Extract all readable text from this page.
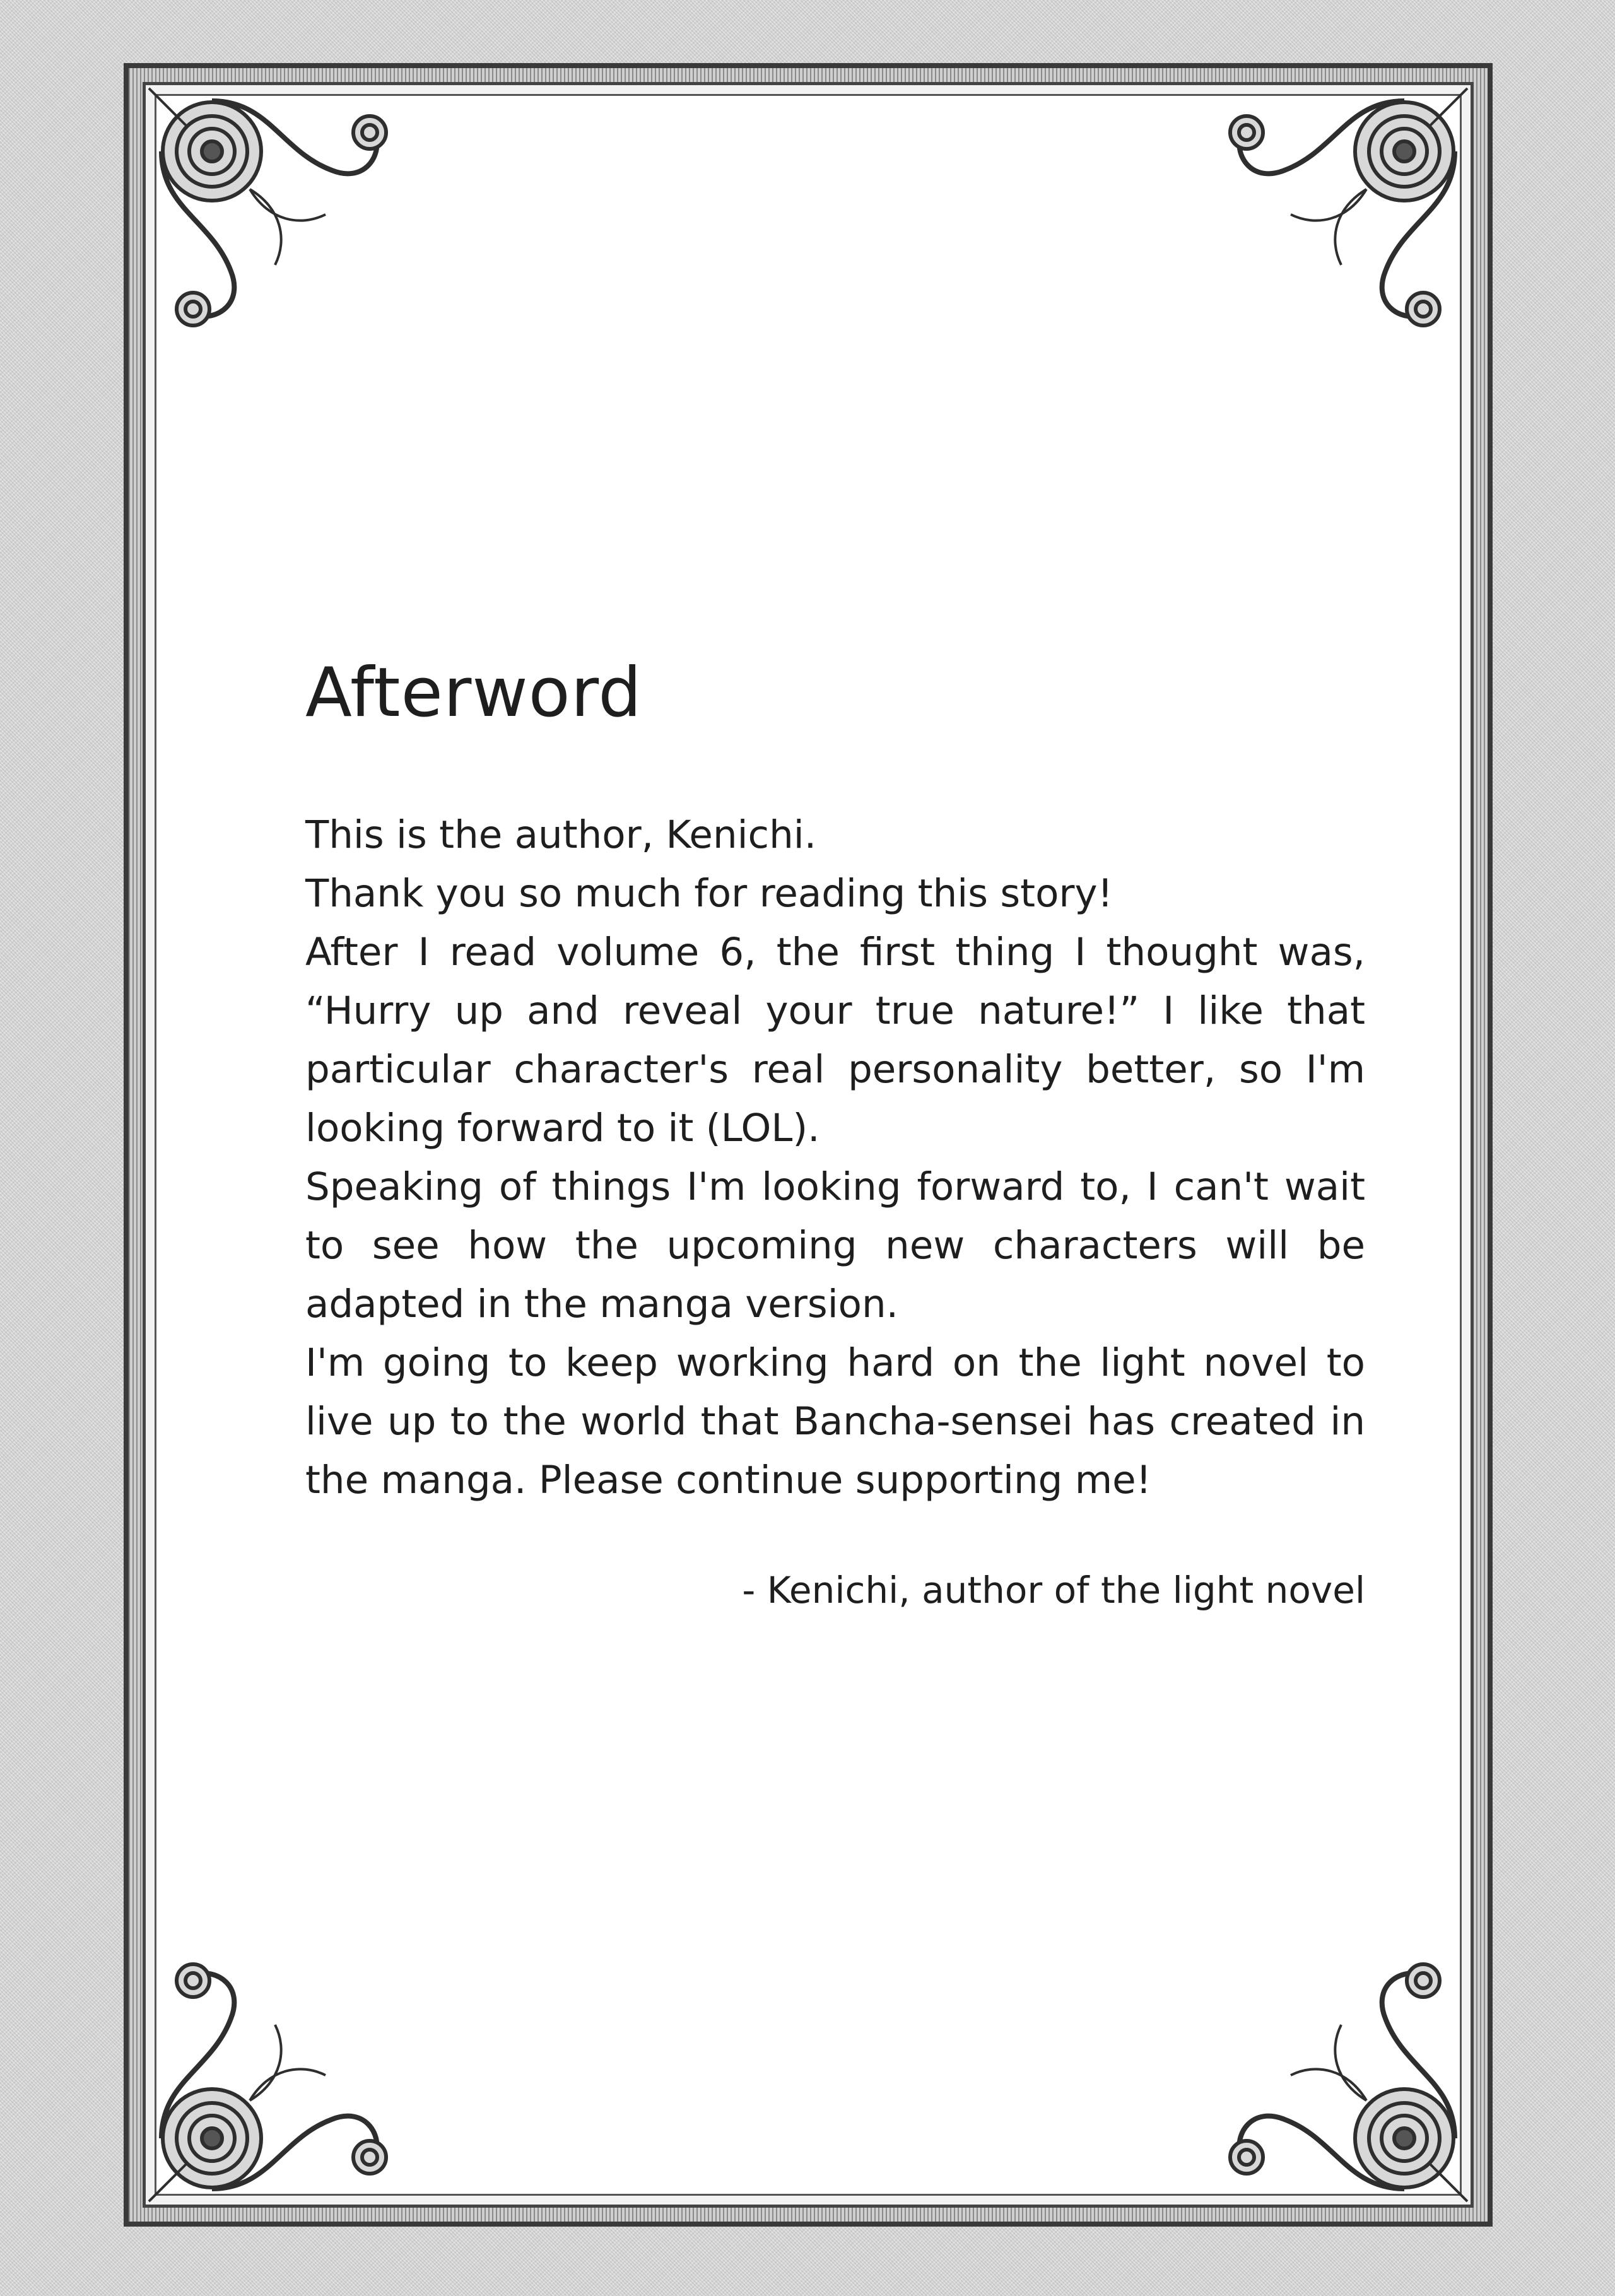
Afterword

This is the author, Kenichi.

Thank you so much for reading this story!

After I read volume 6, the first thing I thought was, “Hurry up and reveal your true nature!” I like that particular character's real personality better, so I'm looking forward to it (LOL).

Speaking of things I'm looking forward to, I can't wait to see how the upcoming new characters will be adapted in the manga version.

I'm going to keep working hard on the light novel to live up to the world that Bancha-sensei has created in the manga. Please continue supporting me!

- Kenichi, author of the light novel
